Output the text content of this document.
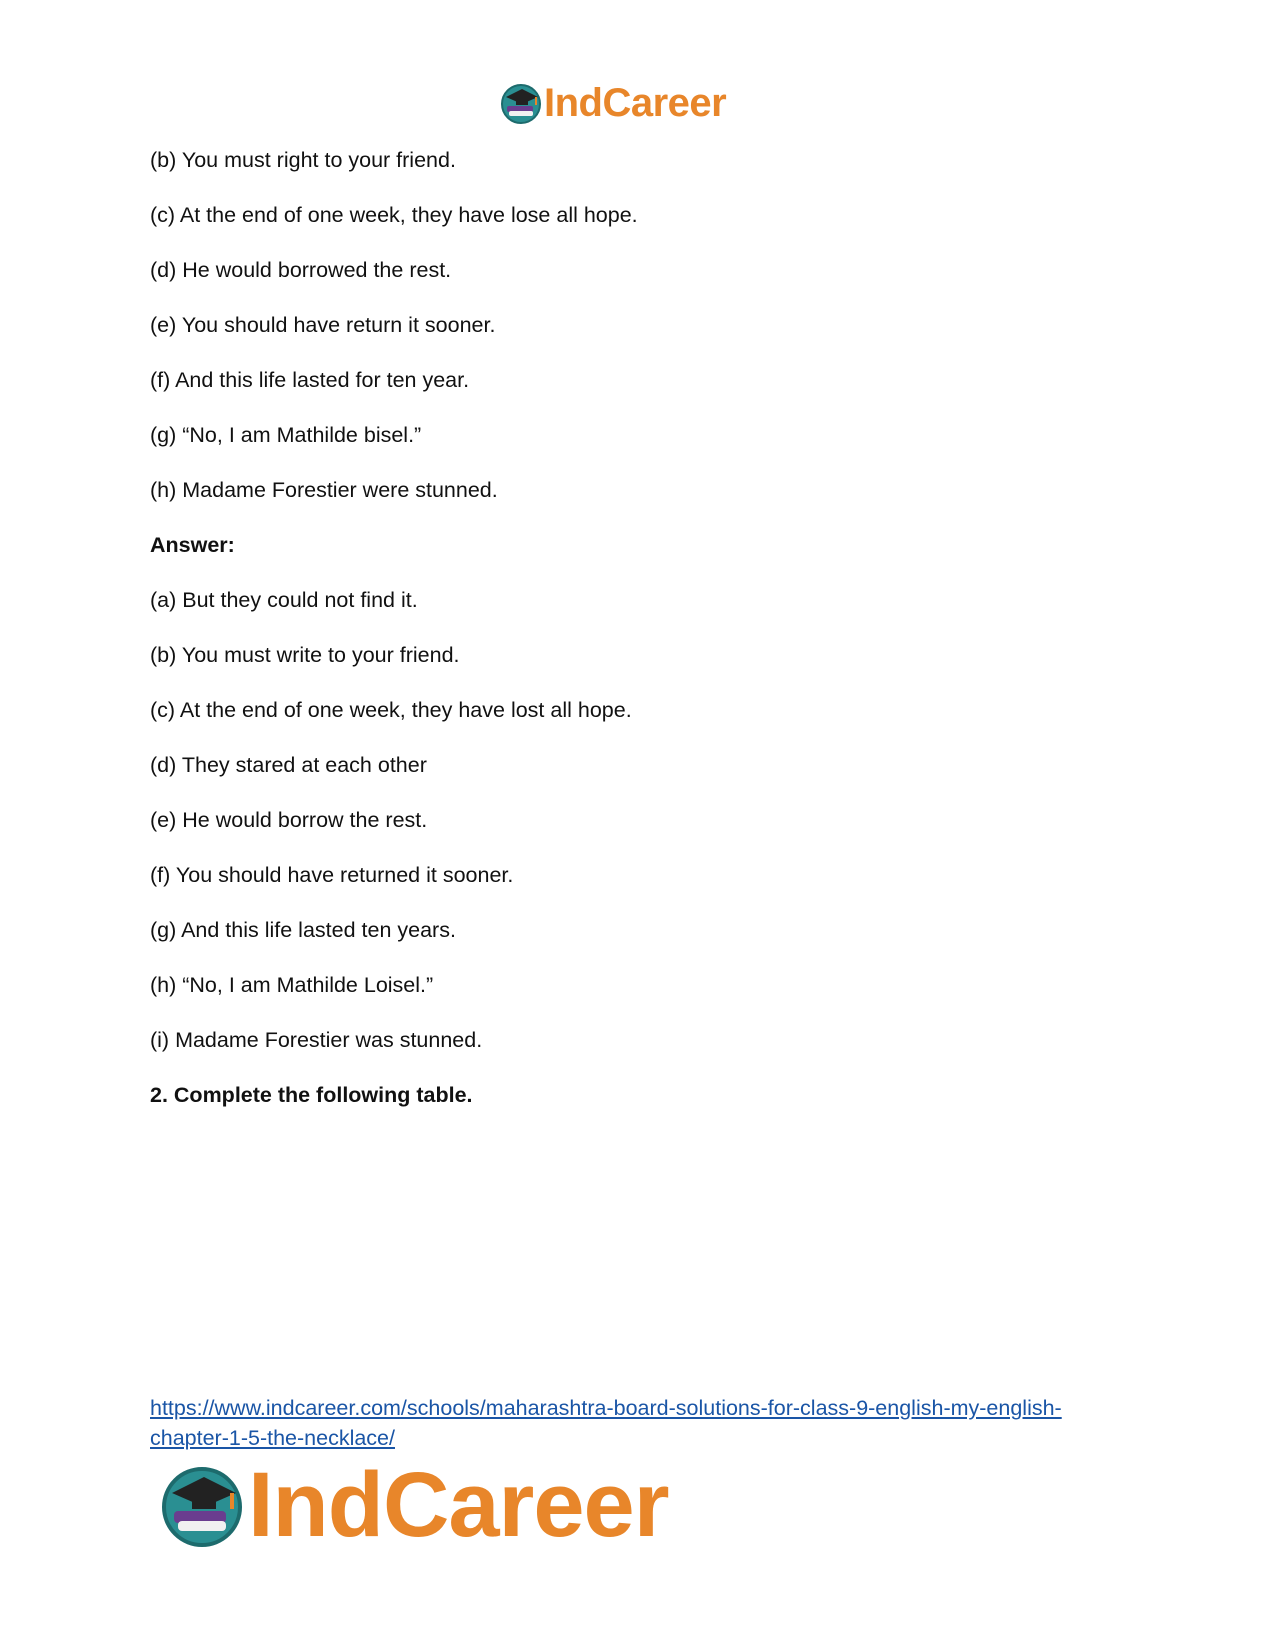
IndCareer
(b) You must right to your friend.
(c) At the end of one week, they have lose all hope.
(d) He would borrowed the rest.
(e) You should have return it sooner.
(f) And this life lasted for ten year.
(g) “No, I am Mathilde bisel.”
(h) Madame Forestier were stunned.
Answer:
(a) But they could not find it.
(b) You must write to your friend.
(c) At the end of one week, they have lost all hope.
(d) They stared at each other
(e) He would borrow the rest.
(f) You should have returned it sooner.
(g) And this life lasted ten years.
(h) “No, I am Mathilde Loisel.”
(i) Madame Forestier was stunned.
2. Complete the following table.
https://www.indcareer.com/schools/maharashtra-board-solutions-for-class-9-english-my-english-chapter-1-5-the-necklace/
IndCareer
